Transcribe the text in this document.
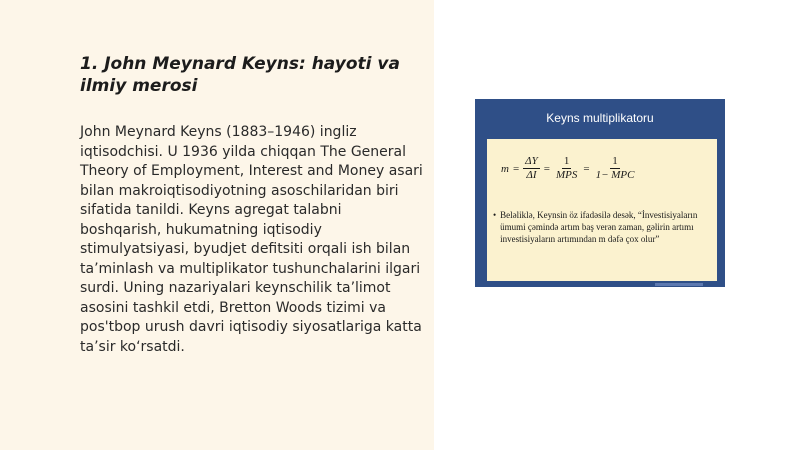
1. John Meynard Keyns: hayoti va ilmiy merosi

John Meynard Keyns (1883–1946) ingliz iqtisodchisi. U 1936 yilda chiqqan The General Theory of Employment, Interest and Money asari bilan makroiqtisodiyotning asoschilaridan biri sifatida tanildi. Keyns agregat talabni boshqarish, hukumatning iqtisodiy stimulyatsiyasi, byudjet defitsiti orqali ish bilan ta’minlash va multiplikator tushunchalarini ilgari surdi. Uning nazariyalari keynschilik ta’limot asosini tashkil etdi, Bretton Woods tizimi va pos'tbop urush davri iqtisodiy siyosatlariga katta ta’sir ko‘rsatdi.

Keyns multiplikatoru
$m = \frac{\Delta Y}{\Delta I} = \frac{1}{\text{MPS}} = \frac{1}{\text{1− MPC}}$
• Beləliklə, Keynsin öz ifadəsilə desək, “İnvestisiyaların ümumi çəmində artım baş verən zaman, gəlirin artımı investisiyaların artımından m dəfə çox olur”
